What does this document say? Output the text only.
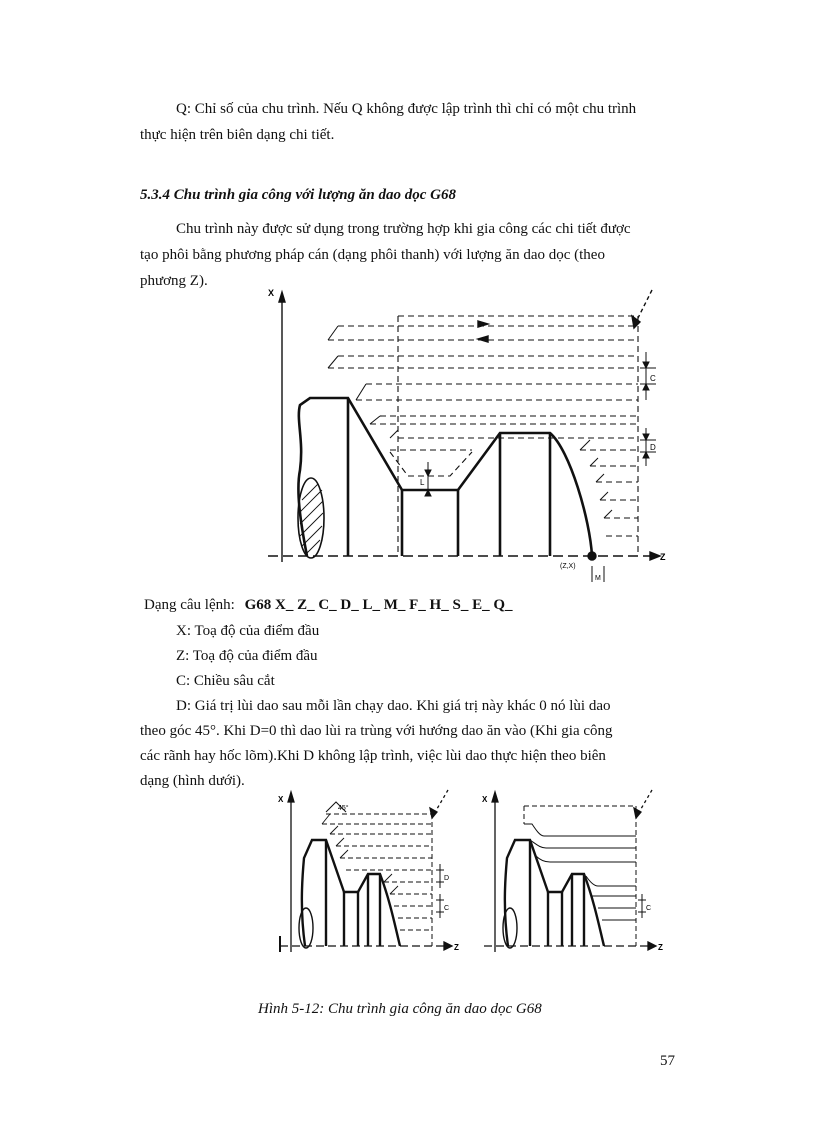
Q: Chỉ số của chu trình. Nếu Q không được lập trình thì chỉ có một chu trình
thực hiện trên biên dạng chi tiết.
5.3.4 Chu trình gia công với lượng ăn dao dọc G68
Chu trình này được sử dụng trong trường hợp khi gia công các chi tiết được
tạo phôi bằng phương pháp cán (dạng phôi thanh) với lượng ăn dao dọc (theo
phương Z).
X
Z
C
D
L
(Z,X)
M
Dạng câu lệnh: G68 X_ Z_ C_ D_ L_ M_ F_ H_ S_ E_ Q_
X: Toạ độ của điểm đầu
Z: Toạ độ của điểm đầu
C: Chiều sâu cắt
D: Giá trị lùi dao sau mỗi lần chạy dao. Khi giá trị này khác 0 nó lùi dao
theo góc 45°. Khi D=0 thì dao lùi ra trùng với hướng dao ăn vào (Khi gia công
các rãnh hay hốc lõm).Khi D không lập trình, việc lùi dao thực hiện theo biên
dạng (hình dưới).
X
Z
45°
D
C
X
Z
C
Hình 5-12: Chu trình gia công ăn dao dọc G68
57
